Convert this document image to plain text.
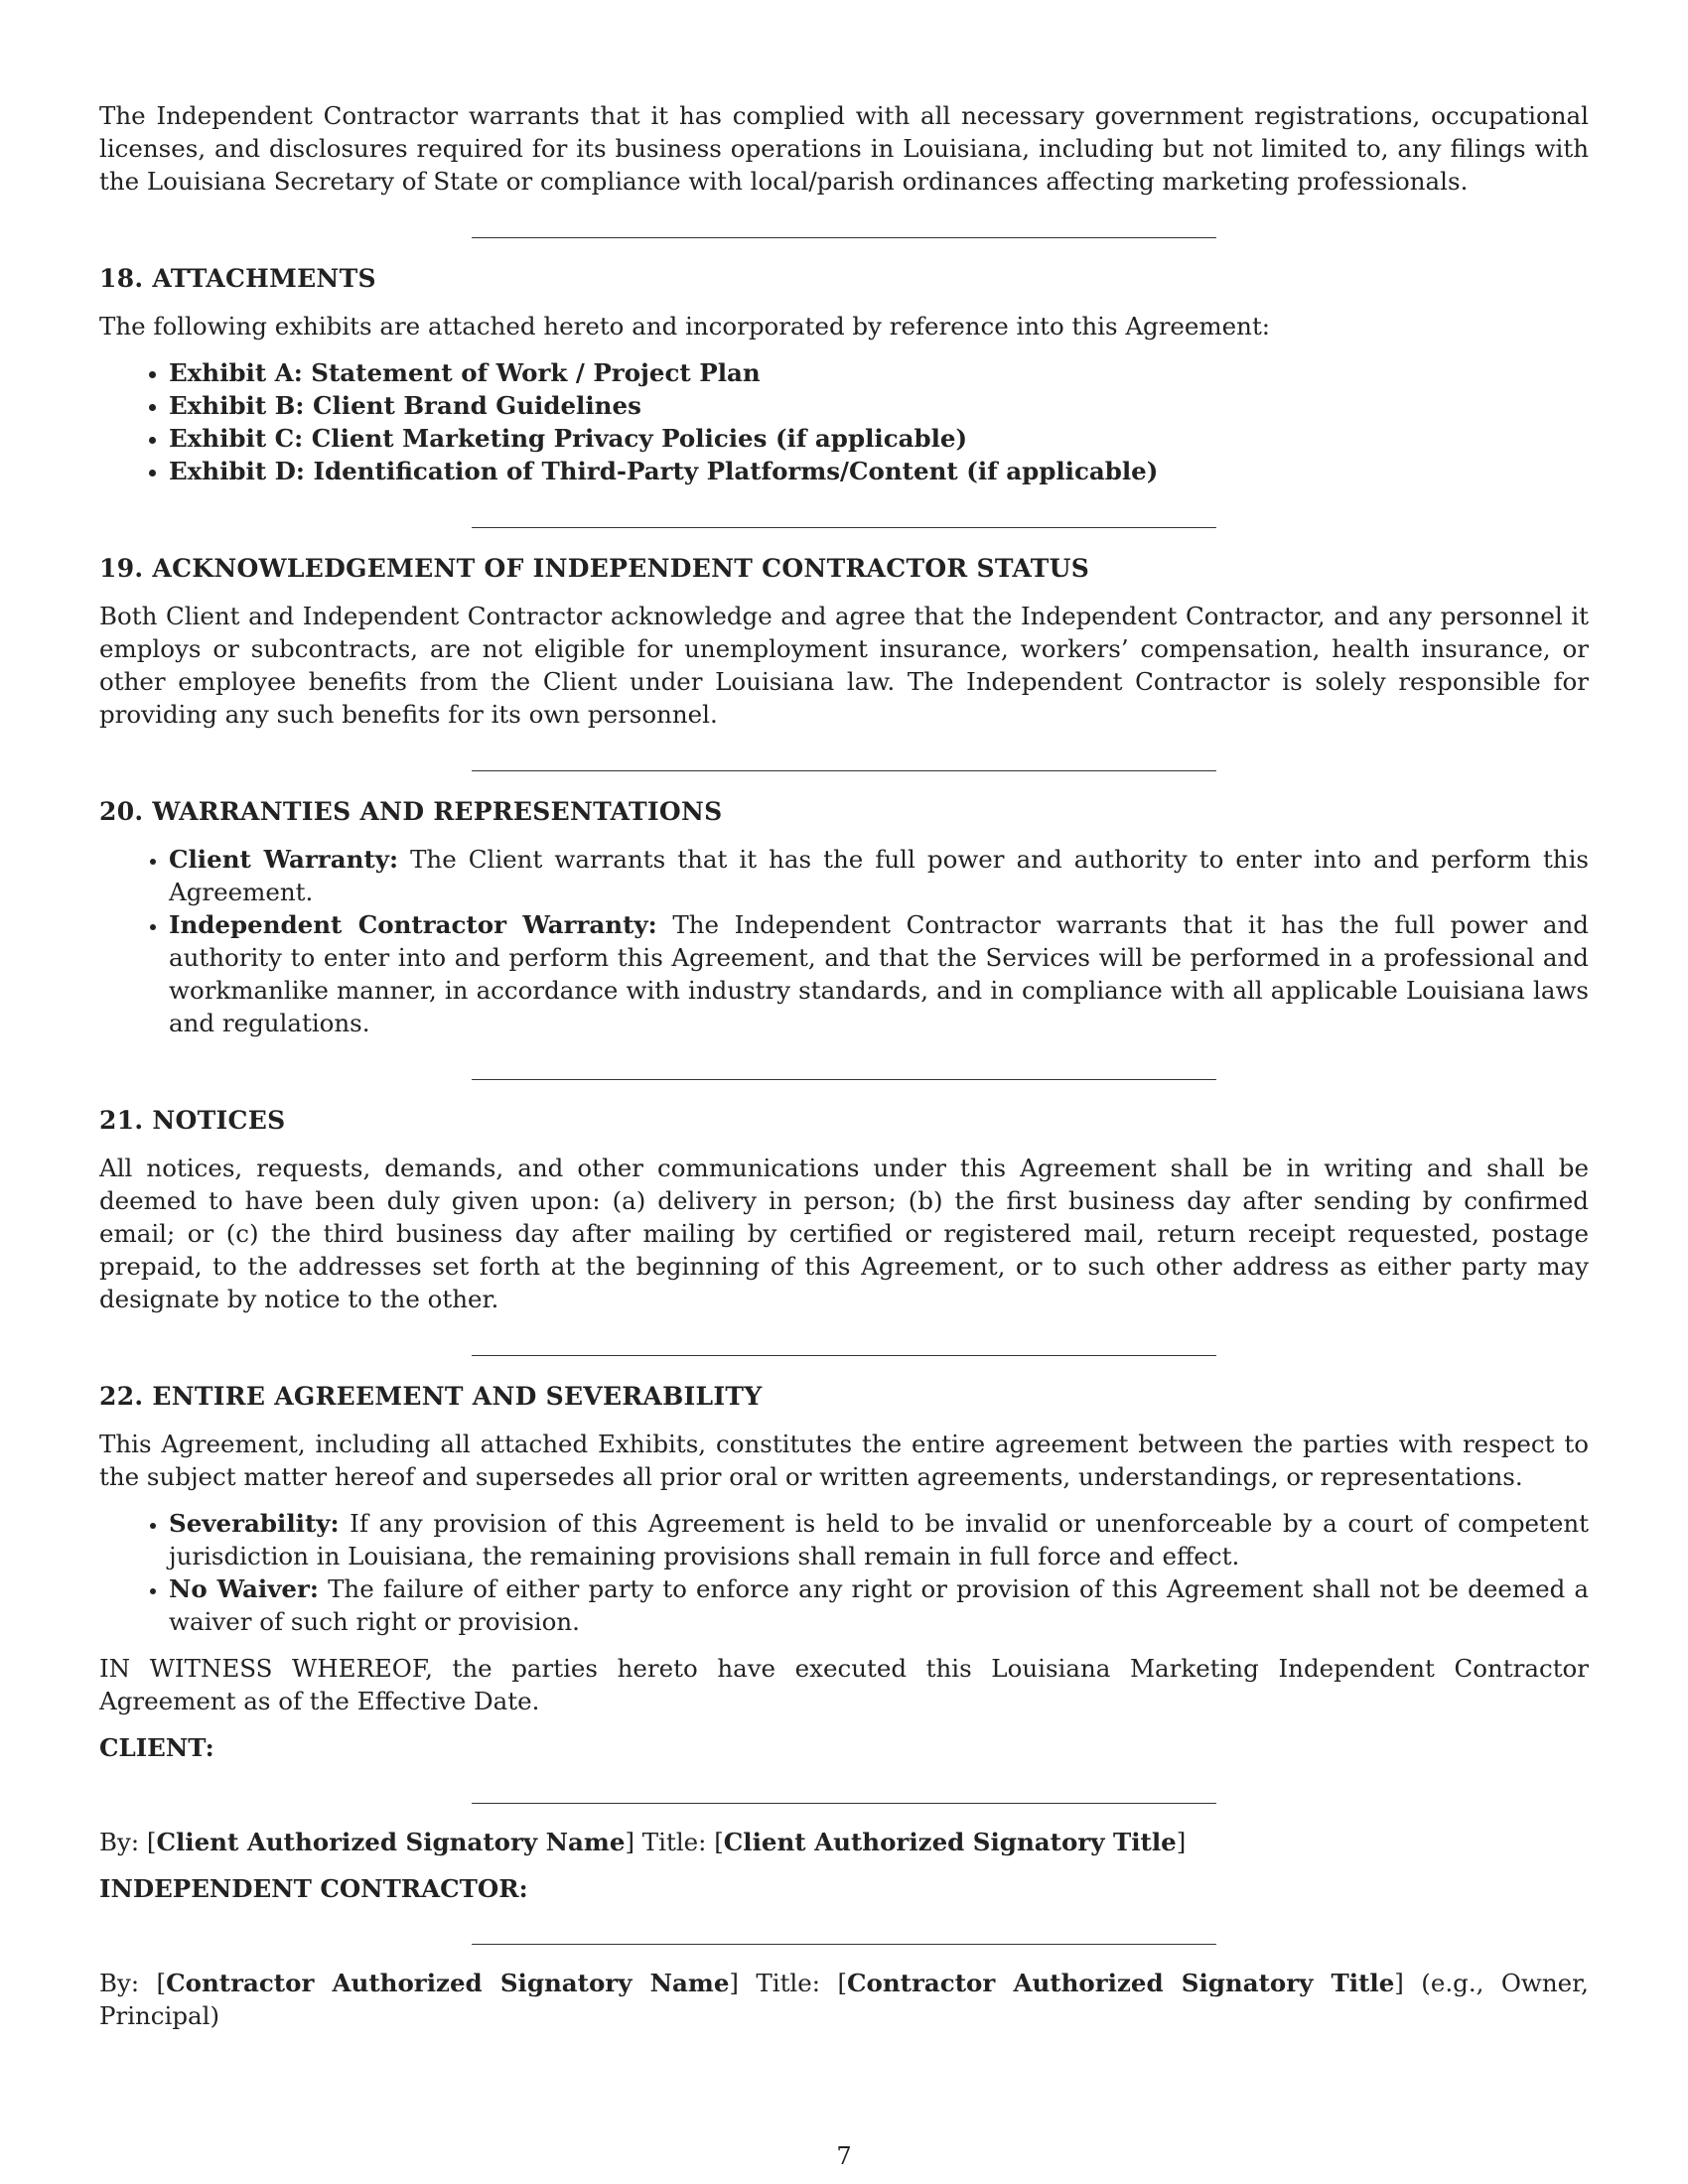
The Independent Contractor warrants that it has complied with all necessary government registrations, occupational licenses, and disclosures required for its business operations in Louisiana, including but not limited to, any filings with the Louisiana Secretary of State or compliance with local/parish ordinances affecting marketing professionals.

18. ATTACHMENTS

The following exhibits are attached hereto and incorporated by reference into this Agreement:

• Exhibit A: Statement of Work / Project Plan
• Exhibit B: Client Brand Guidelines
• Exhibit C: Client Marketing Privacy Policies (if applicable)
• Exhibit D: Identification of Third-Party Platforms/Content (if applicable)
19. ACKNOWLEDGEMENT OF INDEPENDENT CONTRACTOR STATUS

Both Client and Independent Contractor acknowledge and agree that the Independent Contractor, and any personnel it employs or subcontracts, are not eligible for unemployment insurance, workers’ compensation, health insurance, or other employee benefits from the Client under Louisiana law. The Independent Contractor is solely responsible for providing any such benefits for its own personnel.

20. WARRANTIES AND REPRESENTATIONS
• Client Warranty: The Client warrants that it has the full power and authority to enter into and perform this Agreement.
• Independent Contractor Warranty: The Independent Contractor warrants that it has the full power and authority to enter into and perform this Agreement, and that the Services will be performed in a professional and workmanlike manner, in accordance with industry standards, and in compliance with all applicable Louisiana laws and regulations.
21. NOTICES

All notices, requests, demands, and other communications under this Agreement shall be in writing and shall be deemed to have been duly given upon: (a) delivery in person; (b) the first business day after sending by confirmed email; or (c) the third business day after mailing by certified or registered mail, return receipt requested, postage prepaid, to the addresses set forth at the beginning of this Agreement, or to such other address as either party may designate by notice to the other.

22. ENTIRE AGREEMENT AND SEVERABILITY

This Agreement, including all attached Exhibits, constitutes the entire agreement between the parties with respect to the subject matter hereof and supersedes all prior oral or written agreements, understandings, or representations.

• Severability: If any provision of this Agreement is held to be invalid or unenforceable by a court of competent jurisdiction in Louisiana, the remaining provisions shall remain in full force and effect.
• No Waiver: The failure of either party to enforce any right or provision of this Agreement shall not be deemed a waiver of such right or provision.

IN WITNESS WHEREOF, the parties hereto have executed this Louisiana Marketing Independent Contractor Agreement as of the Effective Date.

CLIENT:

By: [Client Authorized Signatory Name] Title: [Client Authorized Signatory Title]

INDEPENDENT CONTRACTOR:

By: [Contractor Authorized Signatory Name] Title: [Contractor Authorized Signatory Title] (e.g., Owner, Principal)

7
